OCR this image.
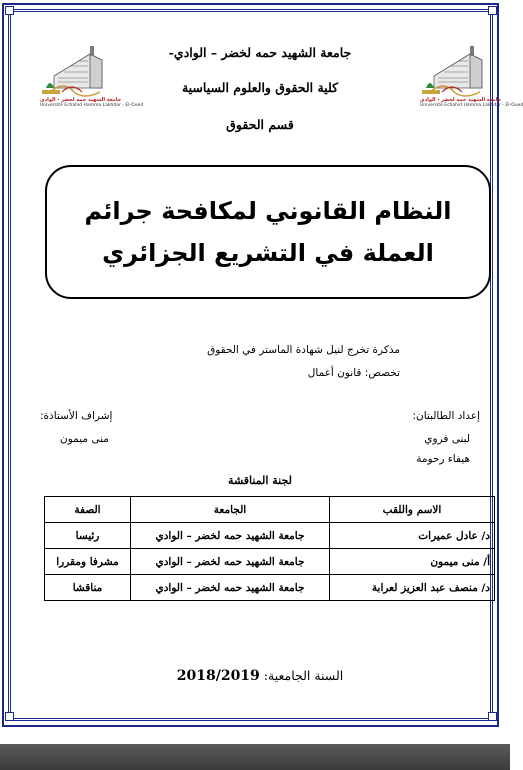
جامعة الشهيد حمه لخضر - الوادي
Université Echahid Hamma Lakhdar - El-Oued
جامعة الشهيد حمه لخضر - الوادي
Université Echahid Hamma Lakhdar - El-Oued
جامعة الشهيد حمه لخضر – الوادي-
كلية الحقوق والعلوم السياسية
قسم الحقوق
النظام القانوني لمكافحة جرائم
العملة في التشريع الجزائري
مذكرة تخرج لنيل شهادة الماستر في الحقوق
تخصص: قانون أعمال
إعداد الطالبتان:
لبنى فروي
هيفاء رحومة
إشراف الأستاذة:
منى ميمون
لجنة المناقشة
الاسم واللقب	الجامعة	الصفة
د/ عادل عميرات	جامعة الشهيد حمه لخضر – الوادي	رئيسا
أ/ منى ميمون	جامعة الشهيد حمه لخضر – الوادي	مشرفا ومقررا
د/ منصف عبد العزيز لعرابة	جامعة الشهيد حمه لخضر – الوادي	مناقشا
السنة الجامعية: 2018/2019
